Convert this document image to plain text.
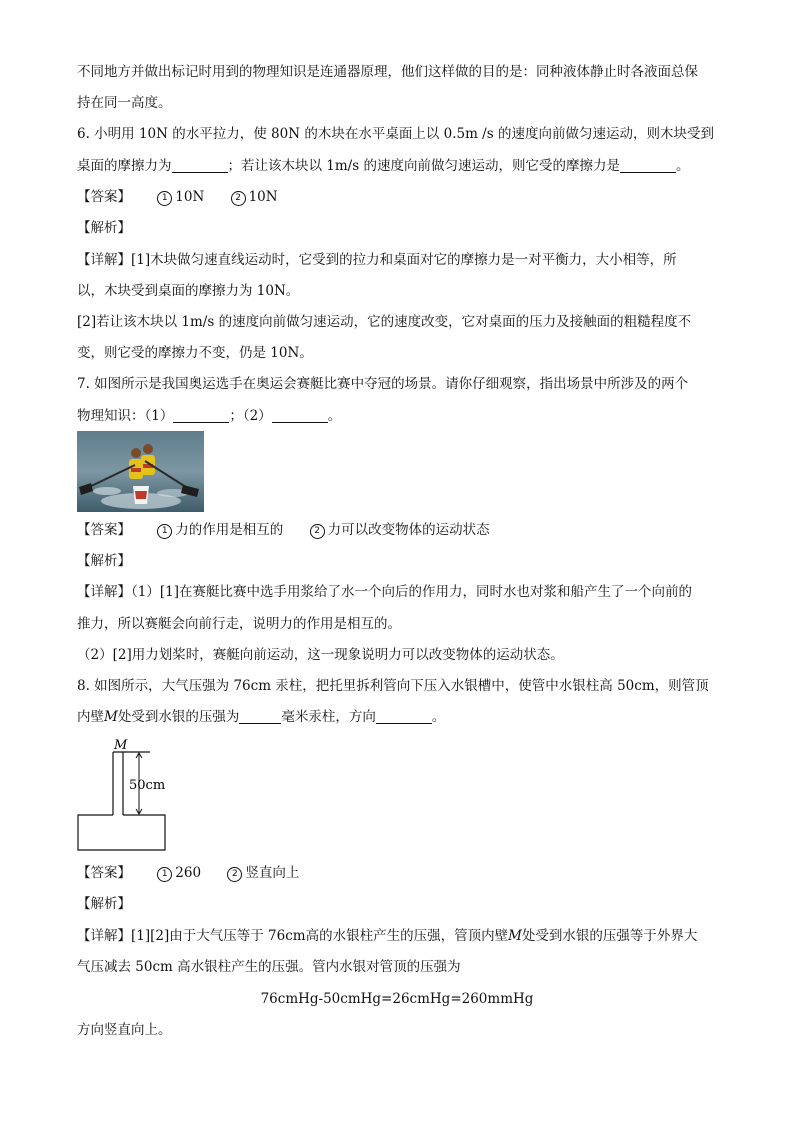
不同地方并做出标记时用到的物理知识是连通器原理，他们这样做的目的是：同种液体静止时各液面总保
持在同一高度。
6. 小明用 10N 的水平拉力，使 80N 的木块在水平桌面上以 0.5m /s 的速度向前做匀速运动，则木块受到
桌面的摩擦力为	；若让该木块以 1m/s 的速度向前做匀速运动，则它受的摩擦力是	。
【答案】	1 10N	2 10N
【解析】
【详解】[1]木块做匀速直线运动时，它受到的拉力和桌面对它的摩擦力是一对平衡力，大小相等，所
以，木块受到桌面的摩擦力为 10N。
[2]若让该木块以 1m/s 的速度向前做匀速运动，它的速度改变，它对桌面的压力及接触面的粗糙程度不
变，则它受的摩擦力不变，仍是 10N。
7. 如图所示是我国奥运选手在奥运会赛艇比赛中夺冠的场景。请你仔细观察，指出场景中所涉及的两个
物理知识：（1）	；（2）	。
【答案】	1 力的作用是相互的	2 力可以改变物体的运动状态
【解析】
【详解】（1）[1]在赛艇比赛中选手用浆给了水一个向后的作用力，同时水也对浆和船产生了一个向前的
推力，所以赛艇会向前行走，说明力的作用是相互的。
（2）[2]用力划桨时，赛艇向前运动，这一现象说明力可以改变物体的运动状态。
8. 如图所示，大气压强为 76cm 汞柱，把托里拆利管向下压入水银槽中，使管中水银柱高 50cm，则管顶
内壁M处受到水银的压强为	毫米汞柱，方向	。
M
50cm
【答案】	1 260	2 竖直向上
【解析】
【详解】[1][2]由于大气压等于 76cm高的水银柱产生的压强，管顶内壁M处受到水银的压强等于外界大
气压减去 50cm 高水银柱产生的压强。管内水银对管顶的压强为
76cmHg-50cmHg=26cmHg=260mmHg
方向竖直向上。
